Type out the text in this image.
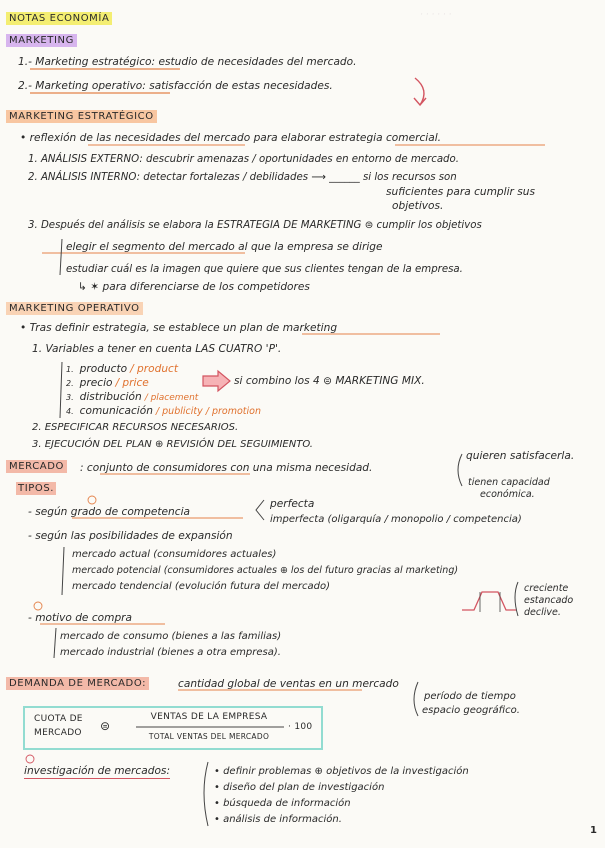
· · · · · ·
NOTAS ECONOMÍA
MARKETING
1.- Marketing estratégico: estudio de necesidades del mercado.
2.- Marketing operativo: satisfacción de estas necesidades.
MARKETING ESTRATÉGICO
• reflexión de las necesidades del mercado para elaborar estrategia comercial.
1. ANÁLISIS EXTERNO: descubrir amenazas / oportunidades en entorno de mercado.
2. ANÁLISIS INTERNO: detectar fortalezas / debilidades ⟶ ______ si los recursos son
suficientes para cumplir sus
objetivos.
3. Después del análisis se elabora la ESTRATEGIA DE MARKETING ⊜ cumplir los objetivos
elegir el segmento del mercado al que la empresa se dirige
estudiar cuál es la imagen que quiere que sus clientes tengan de la empresa.
↳ ✶ para diferenciarse de los competidores
MARKETING OPERATIVO
• Tras definir estrategia, se establece un plan de marketing
1. Variables a tener en cuenta LAS CUATRO 'P'.
1. producto / product
2. precio / price
3. distribución / placement
4. comunicación / publicity / promotion
si combino los 4 ⊜ MARKETING MIX.
2. ESPECIFICAR RECURSOS NECESARIOS.
3. EJECUCIÓN DEL PLAN ⊕ REVISIÓN DEL SEGUIMIENTO.
MERCADO : conjunto de consumidores con una misma necesidad.
quieren satisfacerla.
tienen capacidad
económica.
TIPOS.
- según grado de competencia
perfecta
imperfecta (oligarquía / monopolio / competencia)
- según las posibilidades de expansión
mercado actual (consumidores actuales)
mercado potencial (consumidores actuales ⊕ los del futuro gracias al marketing)
mercado tendencial (evolución futura del mercado)	creciente
estancado
declive.
- motivo de compra
mercado de consumo (bienes a las familias)
mercado industrial (bienes a otra empresa).
DEMANDA DE MERCADO:	cantidad global de ventas en un mercado
período de tiempo
espacio geográfico.
CUOTA DE
MERCADO ⊜
VENTAS DE LA EMPRESA
TOTAL VENTAS DEL MERCADO
· 100
investigación de mercados:	• definir problemas ⊕ objetivos de la investigación
• diseño del plan de investigación
• búsqueda de información
• análisis de información.
1
